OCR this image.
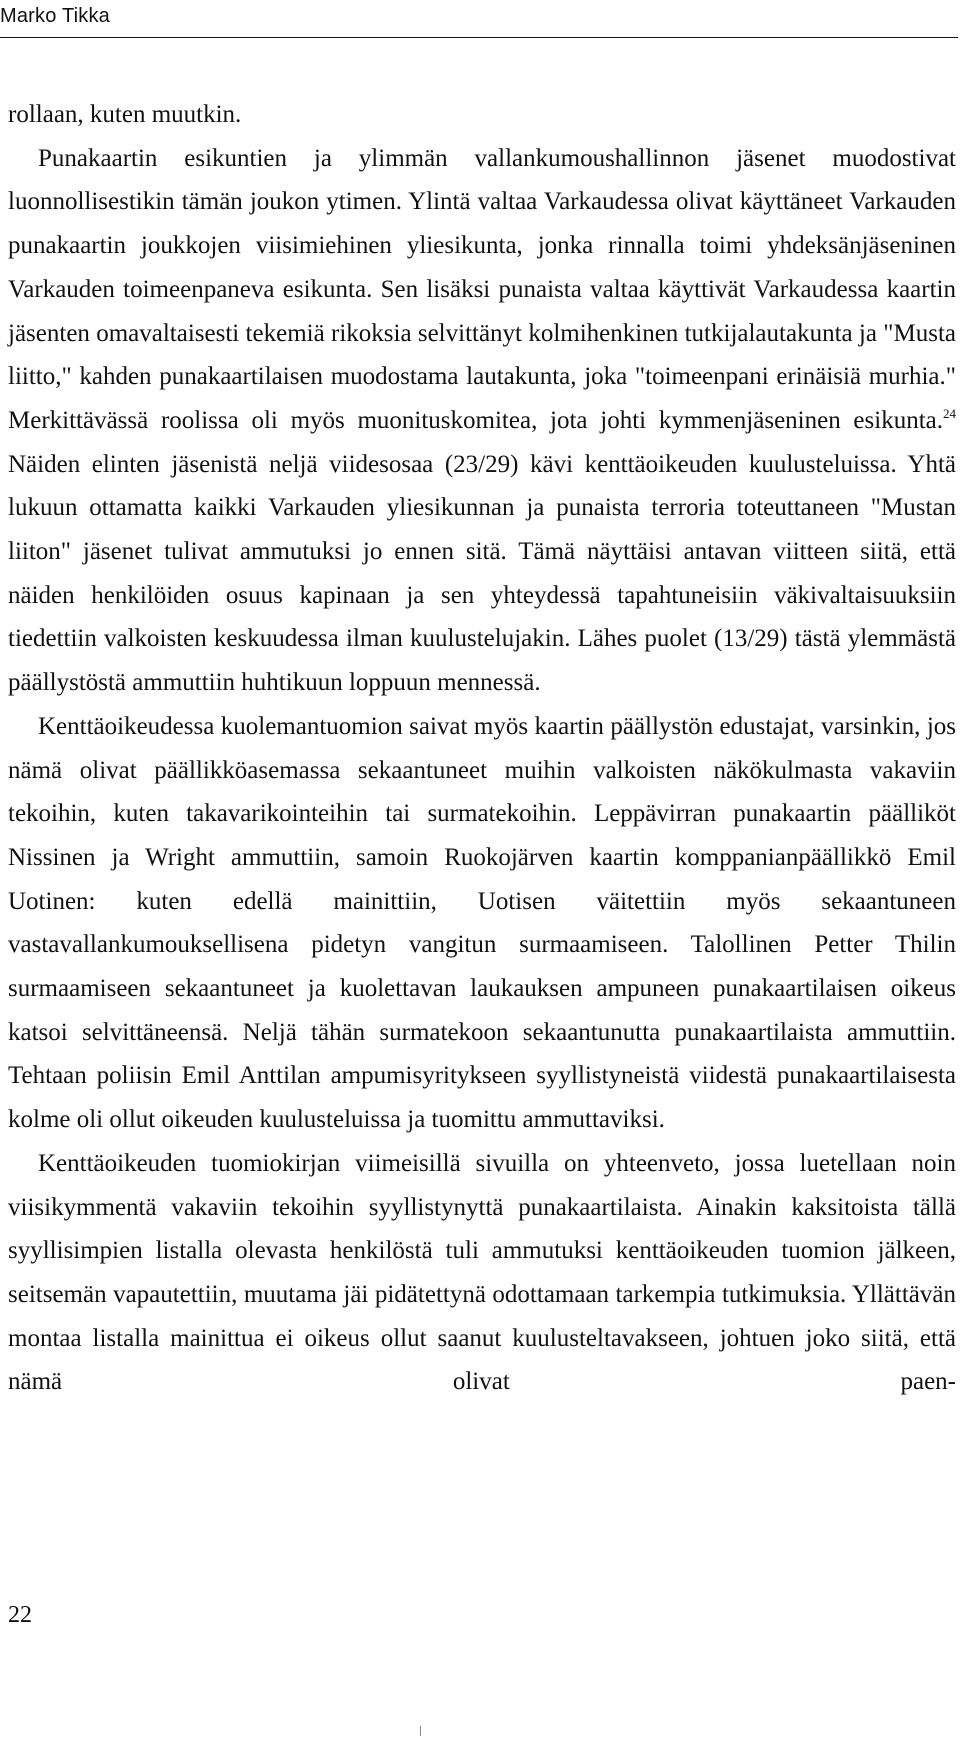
Marko Tikka

rollaan, kuten muutkin.

Punakaartin esikuntien ja ylimmän vallankumoushallinnon jäsenet muodostivat luonnollisestikin tämän joukon ytimen. Ylintä valtaa Varkaudessa olivat käyttäneet Varkauden punakaartin joukkojen viisimiehinen yliesikunta, jonka rinnalla toimi yhdeksänjäseninen Varkauden toimeenpaneva esikunta. Sen lisäksi punaista valtaa käyttivät Varkaudessa kaartin jäsenten omavaltaisesti tekemiä rikoksia selvittänyt kolmihenkinen tutkijalautakunta ja "Musta liitto," kahden punakaartilaisen muodostama lautakunta, joka "toimeenpani erinäisiä murhia." Merkittävässä roolissa oli myös muonituskomitea, jota johti kymmenjäseninen esikunta.$^{24}$ Näiden elinten jäsenistä neljä viidesosaa (23/29) kävi kenttäoikeuden kuulusteluissa. Yhtä lukuun ottamatta kaikki Varkauden yliesikunnan ja punaista terroria toteuttaneen "Mustan liiton" jäsenet tulivat ammutuksi jo ennen sitä. Tämä näyttäisi antavan viitteen siitä, että näiden henkilöiden osuus kapinaan ja sen yhteydessä tapahtuneisiin väkivaltaisuuksiin tiedettiin valkoisten keskuudessa ilman kuulustelujakin. Lähes puolet (13/29) tästä ylemmästä päällystöstä ammuttiin huhtikuun loppuun mennessä.

Kenttäoikeudessa kuolemantuomion saivat myös kaartin päällystön edustajat, varsinkin, jos nämä olivat päällikköasemassa sekaantuneet muihin valkoisten näkökulmasta vakaviin tekoihin, kuten takavarikointeihin tai surmatekoihin. Leppävirran punakaartin päälliköt Nissinen ja Wright ammuttiin, samoin Ruokojärven kaartin komppanianpäällikkö Emil Uotinen: kuten edellä mainittiin, Uotisen väitettiin myös sekaantuneen vastavallankumouksellisena pidetyn vangitun surmaamiseen. Talollinen Petter Thilin surmaamiseen sekaantuneet ja kuolettavan laukauksen ampuneen punakaartilaisen oikeus katsoi selvittäneensä. Neljä tähän surmatekoon sekaantunutta punakaartilaista ammuttiin. Tehtaan poliisin Emil Anttilan ampumisyritykseen syyllistyneistä viidestä punakaartilaisesta kolme oli ollut oikeuden kuulusteluissa ja tuomittu ammuttaviksi.

Kenttäoikeuden tuomiokirjan viimeisillä sivuilla on yhteenveto, jossa luetellaan noin viisikymmentä vakaviin tekoihin syyllistynyttä punakaartilaista. Ainakin kaksitoista tällä syyllisimpien listalla olevasta henkilöstä tuli ammutuksi kenttäoikeuden tuomion jälkeen, seitsemän vapautettiin, muutama jäi pidätettynä odottamaan tarkempia tutkimuksia. Yllättävän montaa listalla mainittua ei oikeus ollut saanut kuulusteltavakseen, johtuen joko siitä, että nämä olivat paen-

22
